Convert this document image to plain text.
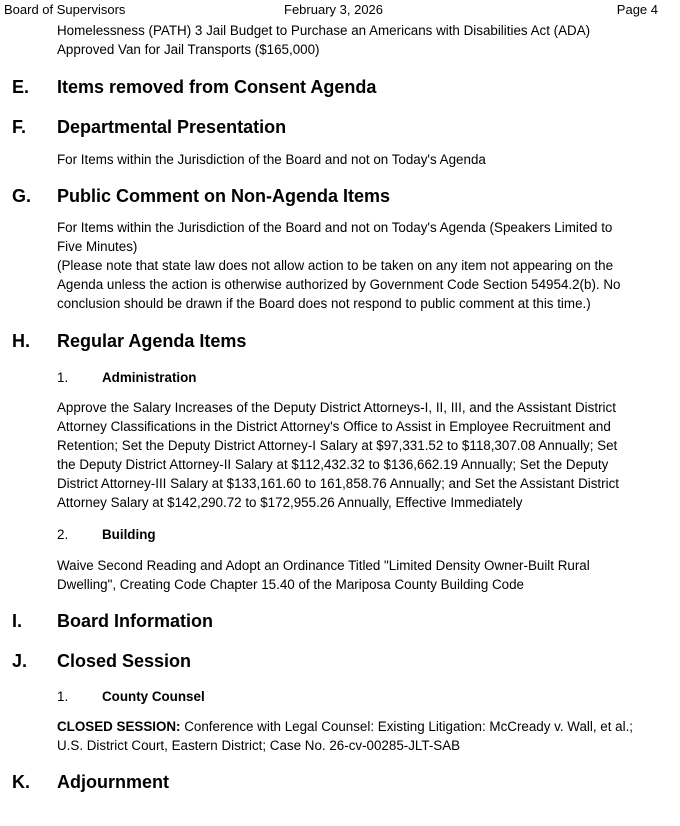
Board of Supervisors	February 3, 2026	Page 4
Homelessness (PATH) 3 Jail Budget to Purchase an Americans with Disabilities Act (ADA)
Approved Van for Jail Transports ($165,000)
E. Items removed from Consent Agenda
F. Departmental Presentation
For Items within the Jurisdiction of the Board and not on Today's Agenda
G. Public Comment on Non-Agenda Items
For Items within the Jurisdiction of the Board and not on Today's Agenda (Speakers Limited to
Five Minutes)
(Please note that state law does not allow action to be taken on any item not appearing on the
Agenda unless the action is otherwise authorized by Government Code Section 54954.2(b). No
conclusion should be drawn if the Board does not respond to public comment at this time.)
H. Regular Agenda Items
1.	Administration
Approve the Salary Increases of the Deputy District Attorneys-I, II, III, and the Assistant District
Attorney Classifications in the District Attorney's Office to Assist in Employee Recruitment and
Retention; Set the Deputy District Attorney-I Salary at $97,331.52 to $118,307.08 Annually; Set
the Deputy District Attorney-II Salary at $112,432.32 to $136,662.19 Annually; Set the Deputy
District Attorney-III Salary at $133,161.60 to 161,858.76 Annually; and Set the Assistant District
Attorney Salary at $142,290.72 to $172,955.26 Annually, Effective Immediately
2.	Building
Waive Second Reading and Adopt an Ordinance Titled "Limited Density Owner-Built Rural
Dwelling", Creating Code Chapter 15.40 of the Mariposa County Building Code
I. Board Information
J. Closed Session
1.	County Counsel
CLOSED SESSION: Conference with Legal Counsel: Existing Litigation: McCready v. Wall, et al.;
U.S. District Court, Eastern District; Case No. 26-cv-00285-JLT-SAB
K. Adjournment
